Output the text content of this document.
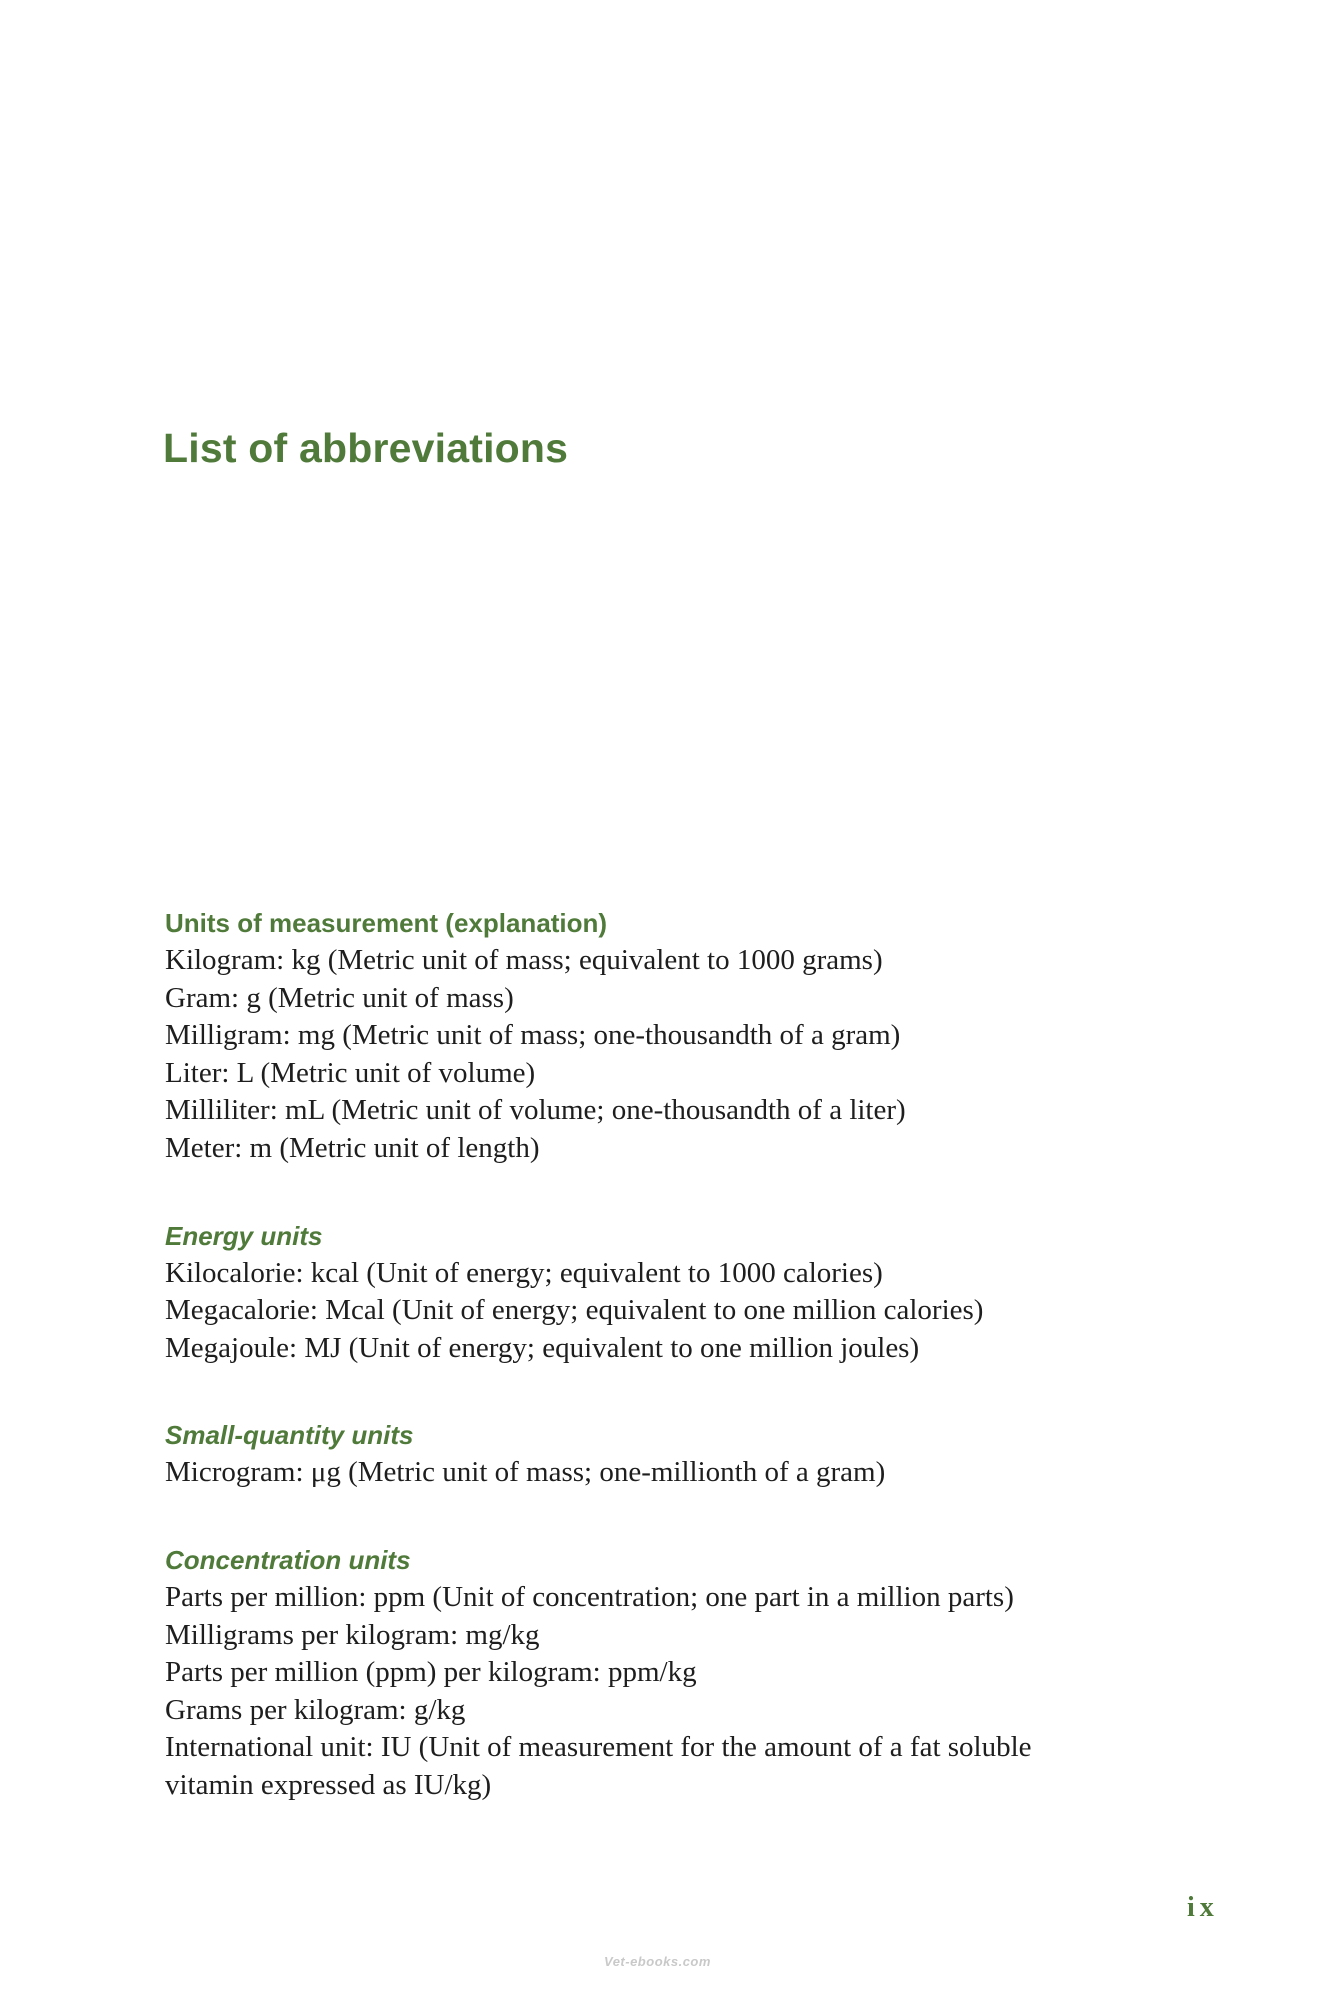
List of abbreviations
Units of measurement (explanation)
Kilogram: kg (Metric unit of mass; equivalent to 1000 grams)
Gram: g (Metric unit of mass)
Milligram: mg (Metric unit of mass; one-thousandth of a gram)
Liter: L (Metric unit of volume)
Milliliter: mL (Metric unit of volume; one-thousandth of a liter)
Meter: m (Metric unit of length)
Energy units
Kilocalorie: kcal (Unit of energy; equivalent to 1000 calories)
Megacalorie: Mcal (Unit of energy; equivalent to one million calories)
Megajoule: MJ (Unit of energy; equivalent to one million joules)
Small-quantity units
Microgram: μg (Metric unit of mass; one-millionth of a gram)
Concentration units
Parts per million: ppm (Unit of concentration; one part in a million parts)
Milligrams per kilogram: mg/kg
Parts per million (ppm) per kilogram: ppm/kg
Grams per kilogram: g/kg
International unit: IU (Unit of measurement for the amount of a fat soluble
vitamin expressed as IU/kg)
ix
Vet-ebooks.com
